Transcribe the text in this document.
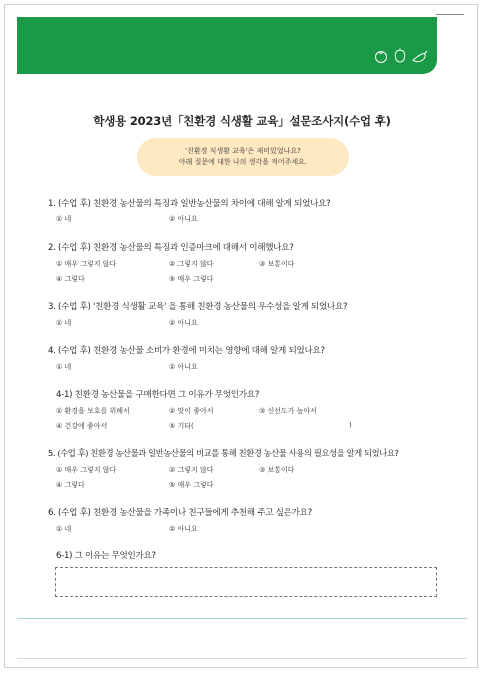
학생용 2023년「친환경 식생활 교육」설문조사지(수업 후)
'친환경 식생활 교육'은 재미있었나요?
아래 질문에 대한 나의 생각을 적어주세요.
1. (수업 후) 친환경 농산물의 특징과 일반농산물의 차이에 대해 알게 되었나요?
① 네	② 아니요
2. (수업 후) 친환경 농산물의 특징과 인증마크에 대해서 이해했나요?
① 매우 그렇지 않다	② 그렇지 않다	③ 보통이다
④ 그렇다	⑤ 매우 그렇다
3. (수업 후) '친환경 식생활 교육' 을 통해 친환경 농산물의 우수성을 알게 되었나요?
① 네	② 아니요
4. (수업 후) 친환경 농산물 소비가 환경에 미치는 영향에 대해 알게 되었나요?
① 네	② 아니요
4-1) 친환경 농산물을 구매한다면 그 이유가 무엇인가요?
① 환경을 보호를 위해서	② 맛이 좋아서	③ 신선도가 높아서
④ 건강에 좋아서	⑤ 기타(	)
5. (수업 후) 친환경 농산물과 일반농산물의 비교를 통해 친환경 농산물 사용의 필요성을 알게 되었나요?
① 매우 그렇지 않다	② 그렇지 않다	③ 보통이다
④ 그렇다	⑤ 매우 그렇다
6. (수업 후) 친환경 농산물을 가족이나 친구들에게 추천해 주고 싶은가요?
① 네	② 아니요
6-1) 그 이유는 무엇인가요?
